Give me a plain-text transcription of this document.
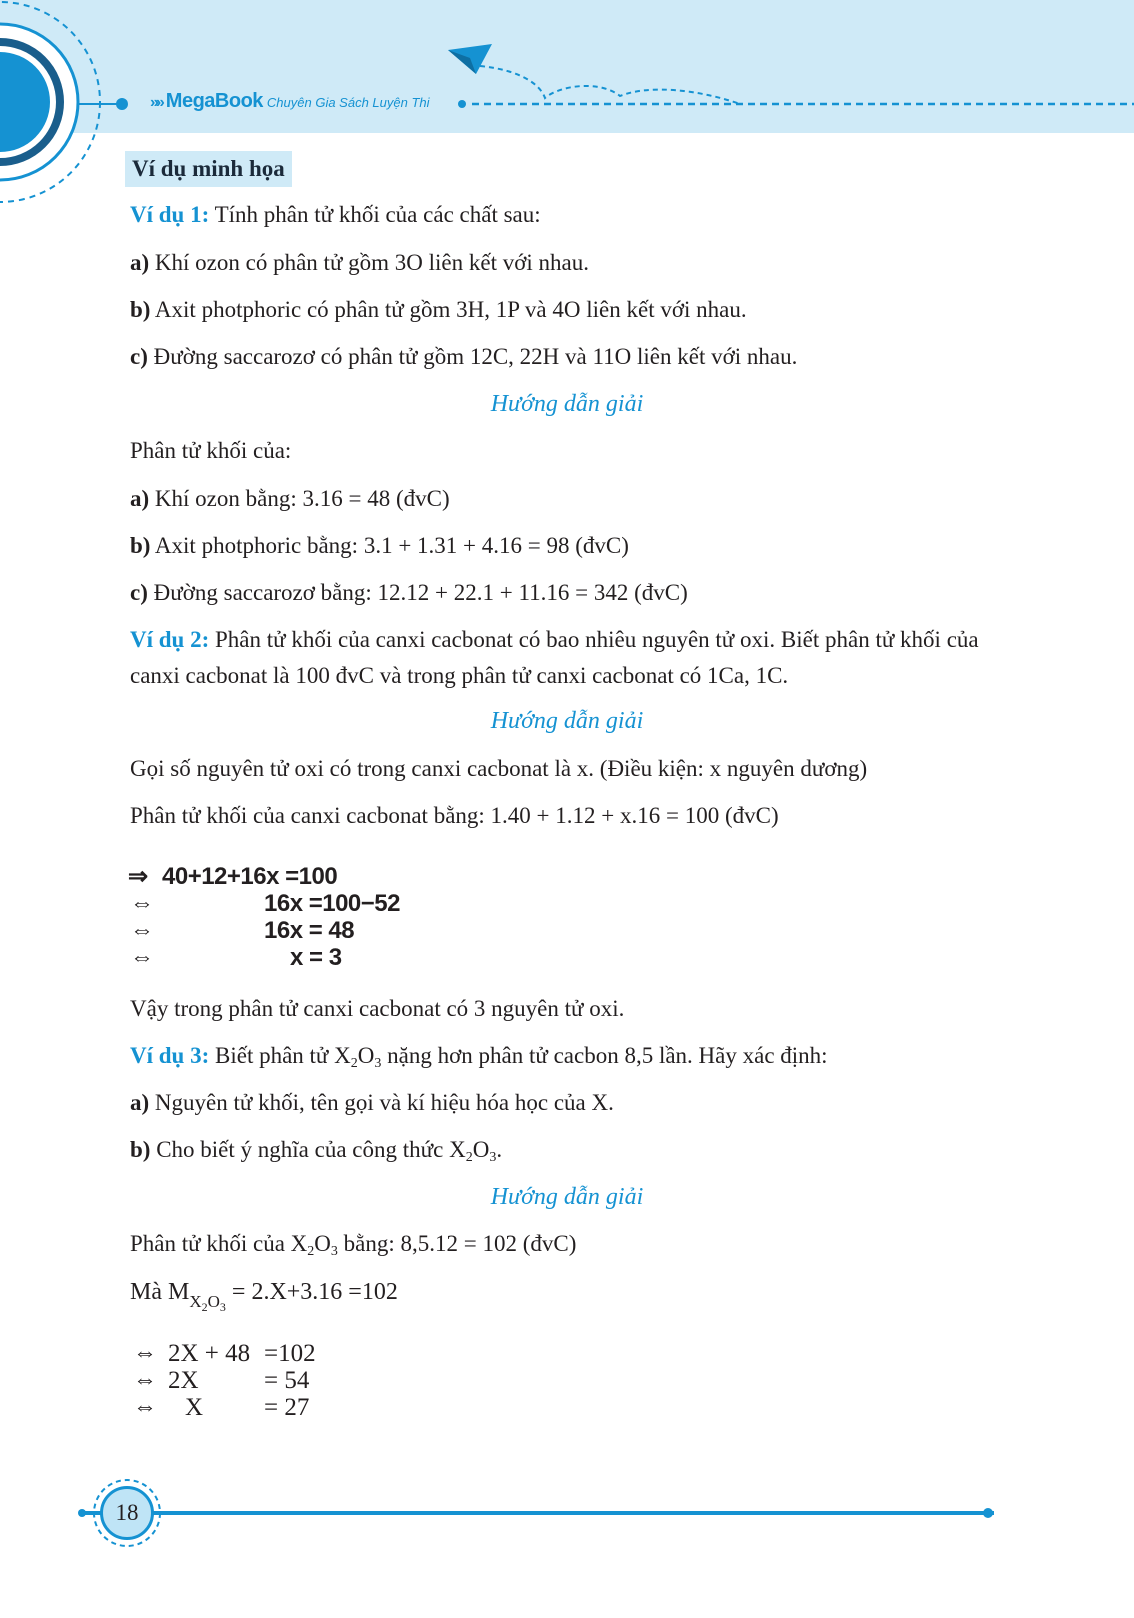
»» MegaBook Chuyên Gia Sách Luyện Thi
Ví dụ minh họa
Ví dụ 1: Tính phân tử khối của các chất sau:
a) Khí ozon có phân tử gồm 3O liên kết với nhau.
b) Axit photphoric có phân tử gồm 3H, 1P và 4O liên kết với nhau.
c) Đường saccarozơ có phân tử gồm 12C, 22H và 11O liên kết với nhau.
Hướng dẫn giải
Phân tử khối của:
a) Khí ozon bằng: 3.16 = 48 (đvC)
b) Axit photphoric bằng: 3.1 + 1.31 + 4.16 = 98 (đvC)
c) Đường saccarozơ bằng: 12.12 + 22.1 + 11.16 = 342 (đvC)
Ví dụ 2: Phân tử khối của canxi cacbonat có bao nhiêu nguyên tử oxi. Biết phân tử khối của canxi cacbonat là 100 đvC và trong phân tử canxi cacbonat có 1Ca, 1C.
Hướng dẫn giải
Gọi số nguyên tử oxi có trong canxi cacbonat là x. (Điều kiện: x nguyên dương)
Phân tử khối của canxi cacbonat bằng: 1.40 + 1.12 + x.16 = 100 (đvC)
⇒ 40+12+16x =100
⇔	16x =100−52
⇔	16x = 48
⇔	x = 3
Vậy trong phân tử canxi cacbonat có 3 nguyên tử oxi.
Ví dụ 3: Biết phân tử $X_2O_3$ nặng hơn phân tử cacbon 8,5 lần. Hãy xác định:
a) Nguyên tử khối, tên gọi và kí hiệu hóa học của X.
b) Cho biết ý nghĩa của công thức $X_2O_3$.
Hướng dẫn giải
Phân tử khối của $X_2O_3$ bằng: 8,5.12 = 102 (đvC)
Mà $M_{X_2O_3} = 2.X+3.16 =102$
⇔ 2X + 48 =102
⇔ 2X	= 54
⇔ X = 27
18
